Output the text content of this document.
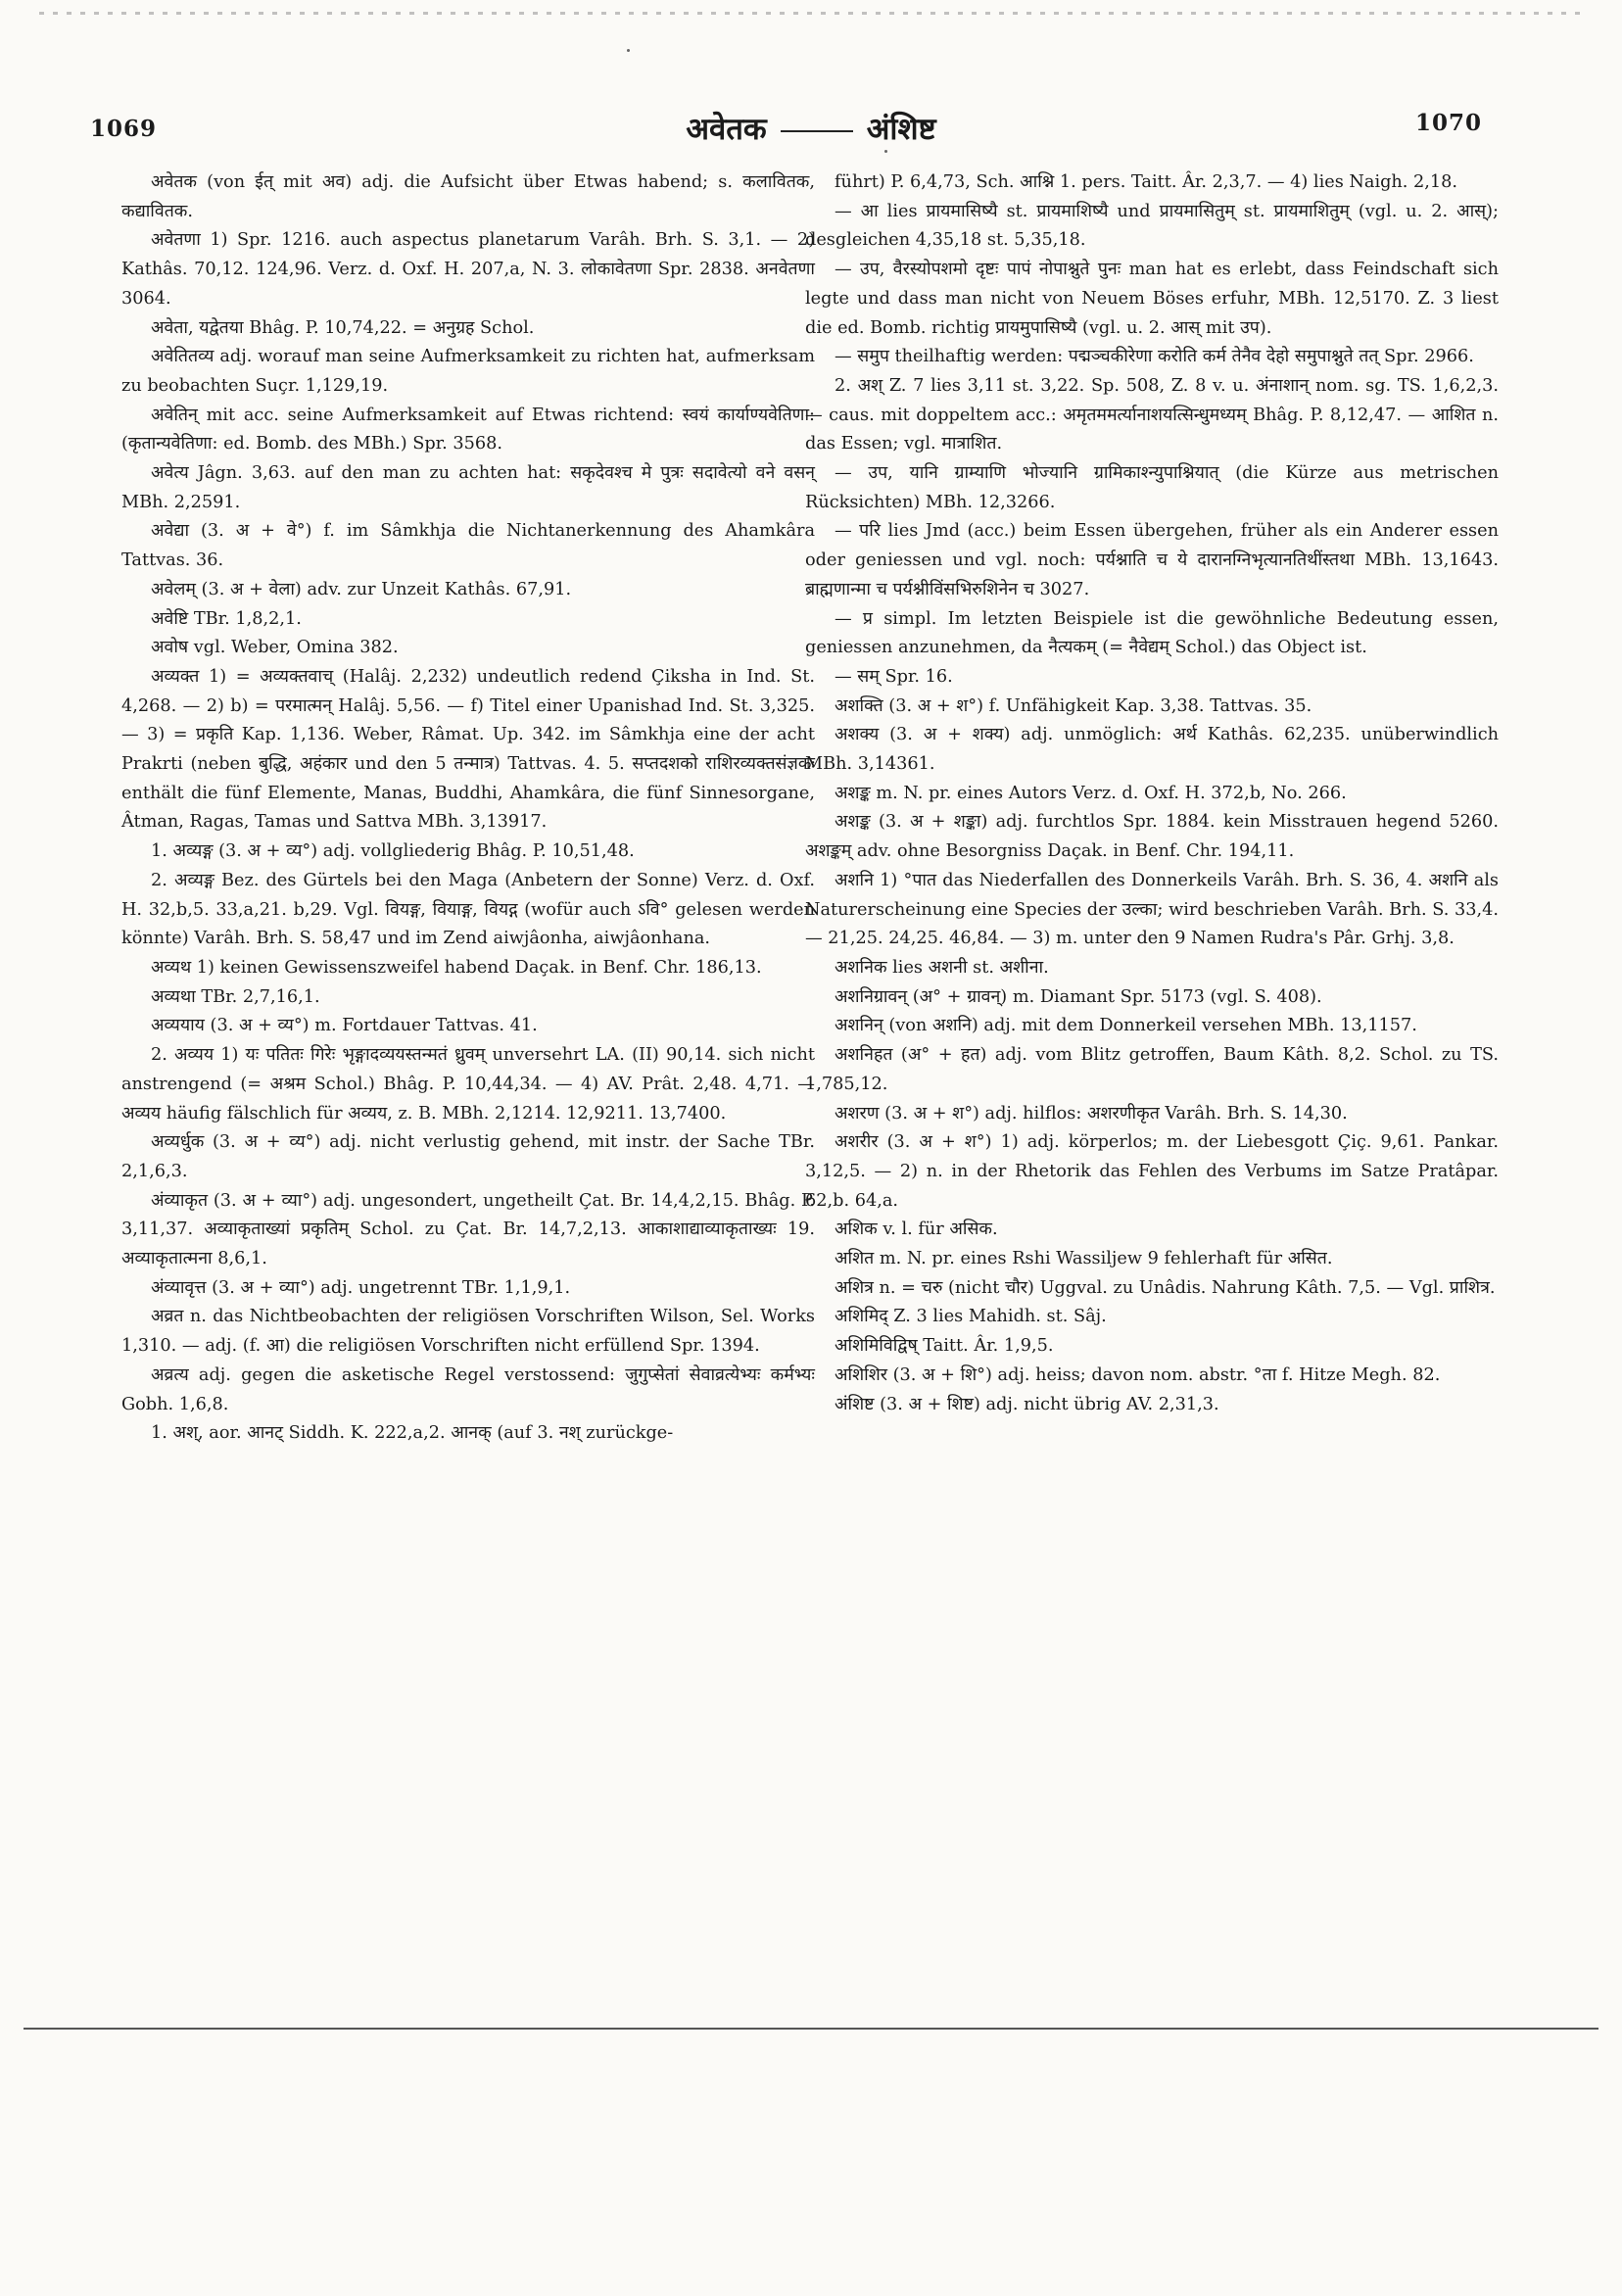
1069	अवेतक	अंशिष्ट	1070

अवेतक (von ईत् mit अव) adj. die Aufsicht über Etwas habend; s. कलावितक, कद्यावितक.

अवेतणा 1) Spr. 1216. auch aspectus planetarum Varâh. Brh. S. 3,1. — 2) Kathâs. 70,12. 124,96. Verz. d. Oxf. H. 207,a, N. 3. लोकावेतणा Spr. 2838. अनवेतणा 3064.

अवेता, यद्वेतया Bhâg. P. 10,74,22. = अनुग्रह Schol.

अवेतितव्य adj. worauf man seine Aufmerksamkeit zu richten hat, aufmerksam zu beobachten Suçr. 1,129,19.

अवेतिन् mit acc. seine Aufmerksamkeit auf Etwas richtend: स्वयं कार्याण्यवेतिणा: (कृतान्यवेतिणा: ed. Bomb. des MBh.) Spr. 3568.

अवेत्य Jâgn. 3,63. auf den man zu achten hat: सकृदेवश्च मे पुत्रः सदावेत्यो वने वसन् MBh. 2,2591.

अवेद्या (3. अ + वे°) f. im Sâmkhja die Nichtanerkennung des Ahamkâra Tattvas. 36.

अवेलम् (3. अ + वेला) adv. zur Unzeit Kathâs. 67,91.

अवेष्टि TBr. 1,8,2,1.

अवोष vgl. Weber, Omina 382.

अव्यक्त 1) = अव्यक्तवाच् (Halâj. 2,232) undeutlich redend Çiksha in Ind. St. 4,268. — 2) b) = परमात्मन् Halâj. 5,56. — f) Titel einer Upanishad Ind. St. 3,325. — 3) = प्रकृति Kap. 1,136. Weber, Râmat. Up. 342. im Sâmkhja eine der acht Prakrti (neben बुद्धि, अहंकार und den 5 तन्मात्र) Tattvas. 4. 5. सप्तदशको राशिरव्यक्तसंज्ञकः enthält die fünf Elemente, Manas, Buddhi, Ahamkâra, die fünf Sinnesorgane, Âtman, Ragas, Tamas und Sattva MBh. 3,13917.

1. अव्यङ्ग (3. अ + व्य°) adj. vollgliederig Bhâg. P. 10,51,48.

2. अव्यङ्ग Bez. des Gürtels bei den Maga (Anbetern der Sonne) Verz. d. Oxf. H. 32,b,5. 33,a,21. b,29. Vgl. वियङ्ग, वियाङ्ग, वियद्ग (wofür auch ऽवि° gelesen werden könnte) Varâh. Brh. S. 58,47 und im Zend aiwjâonha, aiwjâonhana.

अव्यथ 1) keinen Gewissenszweifel habend Daçak. in Benf. Chr. 186,13.

अव्यथा TBr. 2,7,16,1.

अव्ययाय (3. अ + व्य°) m. Fortdauer Tattvas. 41.

2. अव्यय 1) यः पतितः गिरेः भृङ्गादव्ययस्तन्मतं ध्रुवम् unversehrt LA. (II) 90,14. sich nicht anstrengend (= अश्रम Schol.) Bhâg. P. 10,44,34. — 4) AV. Prât. 2,48. 4,71. — अव्यय häufig fälschlich für अव्यय, z. B. MBh. 2,1214. 12,9211. 13,7400.

अव्यर्धुक (3. अ + व्य°) adj. nicht verlustig gehend, mit instr. der Sache TBr. 2,1,6,3.

अंव्याकृत (3. अ + व्या°) adj. ungesondert, ungetheilt Çat. Br. 14,4,2,15. Bhâg. P. 3,11,37. अव्याकृताख्यां प्रकृतिम् Schol. zu Çat. Br. 14,7,2,13. आकाशाद्याव्याकृताख्यः 19. अव्याकृतात्मना 8,6,1.

अंव्यावृत्त (3. अ + व्या°) adj. ungetrennt TBr. 1,1,9,1.

अव्रत n. das Nichtbeobachten der religiösen Vorschriften Wilson, Sel. Works 1,310. — adj. (f. आ) die religiösen Vorschriften nicht erfüllend Spr. 1394.

अव्रत्य adj. gegen die asketische Regel verstossend: जुगुप्सेतां सेवाव्रत्येभ्यः कर्मभ्यः Gobh. 1,6,8.

1. अश्, aor. आनट् Siddh. K. 222,a,2. आनक् (auf 3. नश् zurückge-

führt) P. 6,4,73, Sch. आश्नि 1. pers. Taitt. Âr. 2,3,7. — 4) lies Naigh. 2,18.

— आ lies प्रायमासिष्यै st. प्रायमाशिष्यै und प्रायमासितुम् st. प्रायमाशितुम् (vgl. u. 2. आस्); desgleichen 4,35,18 st. 5,35,18.

— उप, वैरस्योपशमो दृष्टः पापं नोपाश्नुते पुनः man hat es erlebt, dass Feindschaft sich legte und dass man nicht von Neuem Böses erfuhr, MBh. 12,5170. Z. 3 liest die ed. Bomb. richtig प्रायमुपासिष्यै (vgl. u. 2. आस् mit उप).

— समुप theilhaftig werden: पद्मञ्चकीरेणा करोति कर्म तेनैव देहो समुपाश्नुते तत् Spr. 2966.

2. अश् Z. 7 lies 3,11 st. 3,22. Sp. 508, Z. 8 v. u. अंनाशान् nom. sg. TS. 1,6,2,3. — caus. mit doppeltem acc.: अमृतममर्त्यानाशयत्सिन्धुमध्यम् Bhâg. P. 8,12,47. — आशित n. das Essen; vgl. मात्राशित.

— उप, यानि ग्राम्याणि भोज्यानि ग्रामिकाश्न्युपाश्नियात् (die Kürze aus metrischen Rücksichten) MBh. 12,3266.

— परि lies Jmd (acc.) beim Essen übergehen, früher als ein Anderer essen oder geniessen und vgl. noch: पर्यश्नाति च ये दारानग्निभृत्यानतिथींस्तथा MBh. 13,1643. ब्राह्मणान्मा च पर्यश्नीविंसभिरुशिनेन च 3027.

— प्र simpl. Im letzten Beispiele ist die gewöhnliche Bedeutung essen, geniessen anzunehmen, da नैत्यकम् (= नैवेद्यम् Schol.) das Object ist.

— सम् Spr. 16.

अशक्ति (3. अ + श°) f. Unfähigkeit Kap. 3,38. Tattvas. 35.

अशक्य (3. अ + शक्य) adj. unmöglich: अर्थ Kathâs. 62,235. unüberwindlich MBh. 3,14361.

अशङ्क m. N. pr. eines Autors Verz. d. Oxf. H. 372,b, No. 266.

अशङ्क (3. अ + शङ्का) adj. furchtlos Spr. 1884. kein Misstrauen hegend 5260. अशङ्कम् adv. ohne Besorgniss Daçak. in Benf. Chr. 194,11.

अशनि 1) °पात das Niederfallen des Donnerkeils Varâh. Brh. S. 36, 4. अशनि als Naturerscheinung eine Species der उल्का; wird beschrieben Varâh. Brh. S. 33,4. — 21,25. 24,25. 46,84. — 3) m. unter den 9 Namen Rudra's Pâr. Grhj. 3,8.

अशनिक lies अशनी st. अशीना.

अशनिग्रावन् (अ° + ग्रावन्) m. Diamant Spr. 5173 (vgl. S. 408).

अशनिन् (von अशनि) adj. mit dem Donnerkeil versehen MBh. 13,1157.

अशनिहत (अ° + हत) adj. vom Blitz getroffen, Baum Kâth. 8,2. Schol. zu TS. 1,785,12.

अशरण (3. अ + श°) adj. hilflos: अशरणीकृत Varâh. Brh. S. 14,30.

अशरीर (3. अ + श°) 1) adj. körperlos; m. der Liebesgott Çiç. 9,61. Pankar. 3,12,5. — 2) n. in der Rhetorik das Fehlen des Verbums im Satze Pratâpar. 62,b. 64,a.

अशिक v. l. für असिक.

अशित m. N. pr. eines Rshi Wassiljew 9 fehlerhaft für असित.

अशित्र n. = चरु (nicht चौर) Uggval. zu Unâdis. Nahrung Kâth. 7,5. — Vgl. प्राशित्र.

अशिमिद् Z. 3 lies Mahidh. st. Sâj.

अशिमिविद्विष् Taitt. Âr. 1,9,5.

अशिशिर (3. अ + शि°) adj. heiss; davon nom. abstr. °ता f. Hitze Megh. 82.

अंशिष्ट (3. अ + शिष्ट) adj. nicht übrig AV. 2,31,3.
